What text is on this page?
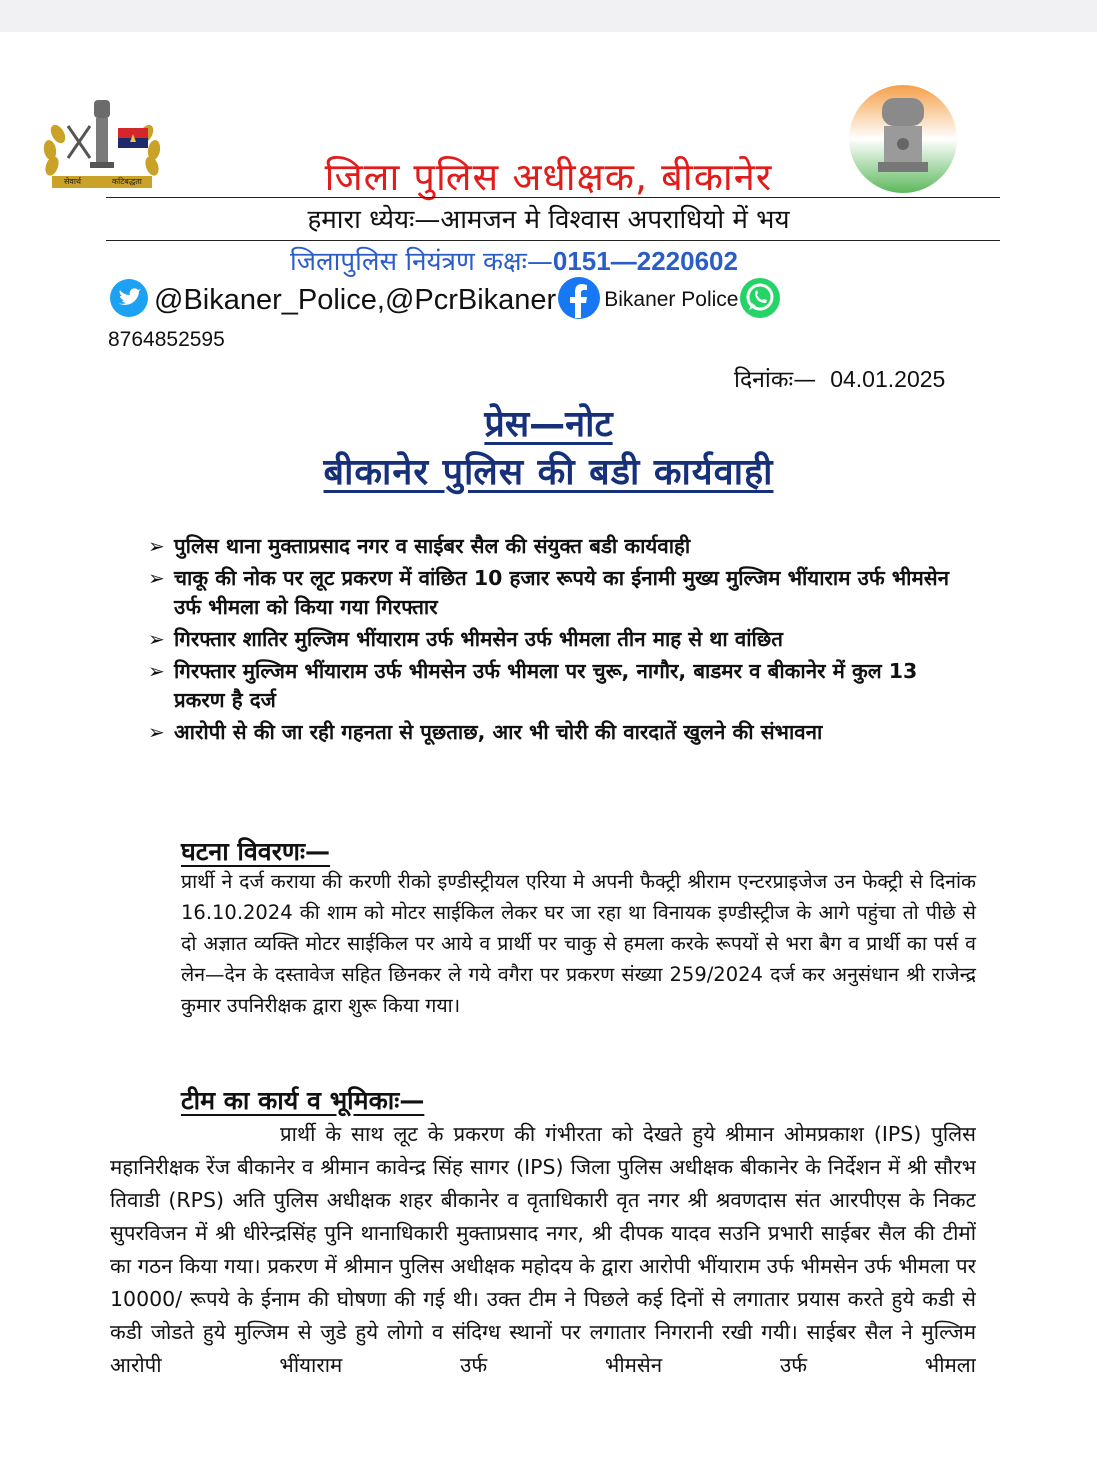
सेवार्थ	कटिबद्धता	जिला पुलिस अधीक्षक, बीकानेर
हमारा ध्येयः—आमजन मे विश्वास अपराधियो में भय
जिलापुलिस नियंत्रण कक्षः—0151—2220602
@Bikaner_Police,@PcrBikaner Bikaner Police
8764852595
दिनांकः— 04.01.2025
प्रेस—नोट
बीकानेर पुलिस की बडी कार्यवाही
➢ पुलिस थाना मुक्ताप्रसाद नगर व साईबर सैल की संयुक्त बडी कार्यवाही
➢ चाकू की नोक पर लूट प्रकरण में वांछित 10 हजार रूपये का ईनामी मुख्य मुल्जिम भींयाराम उर्फ भीमसेन उर्फ भीमला को किया गया गिरफ्तार
➢ गिरफ्तार शातिर मुल्जिम भींयाराम उर्फ भीमसेन उर्फ भीमला तीन माह से था वांछित
➢ गिरफ्तार मुल्जिम भींयाराम उर्फ भीमसेन उर्फ भीमला पर चुरू, नागौर, बाडमर व बीकानेर में कुल 13 प्रकरण है दर्ज
➢ आरोपी से की जा रही गहनता से पूछताछ, आर भी चोरी की वारदातें खुलने की संभावना
घटना विवरणः—
प्रार्थी ने दर्ज कराया की करणी रीको इण्डीस्ट्रीयल एरिया मे अपनी फैक्ट्री श्रीराम एन्टरप्राइजेज उन फेक्ट्री से दिनांक 16.10.2024 की शाम को मोटर साईकिल लेकर घर जा रहा था विनायक इण्डीस्ट्रीज के आगे पहुंचा तो पीछे से दो अज्ञात व्यक्ति मोटर साईकिल पर आये व प्रार्थी पर चाकु से हमला करके रूपयों से भरा बैग व प्रार्थी का पर्स व लेन—देन के दस्तावेज सहित छिनकर ले गये वगैरा पर प्रकरण संख्या 259/2024 दर्ज कर अनुसंधान श्री राजेन्द्र कुमार उपनिरीक्षक द्वारा शुरू किया गया।
टीम का कार्य व भूमिकाः—
प्रार्थी के साथ लूट के प्रकरण की गंभीरता को देखते हुये श्रीमान ओमप्रकाश (IPS) पुलिस महानिरीक्षक रेंज बीकानेर व श्रीमान कावेन्द्र सिंह सागर (IPS) जिला पुलिस अधीक्षक बीकानेर के निर्देशन में श्री सौरभ तिवाडी (RPS) अति पुलिस अधीक्षक शहर बीकानेर व वृताधिकारी वृत नगर श्री श्रवणदास संत आरपीएस के निकट सुपरविजन में श्री धीरेन्द्रसिंह पुनि थानाधिकारी मुक्ताप्रसाद नगर, श्री दीपक यादव सउनि प्रभारी साईबर सैल की टीमों का गठन किया गया। प्रकरण में श्रीमान पुलिस अधीक्षक महोदय के द्वारा आरोपी भींयाराम उर्फ भीमसेन उर्फ भीमला पर 10000/ रूपये के ईनाम की घोषणा की गई थी। उक्त टीम ने पिछले कई दिनों से लगातार प्रयास करते हुये कडी से कडी जोडते हुये मुल्जिम से जुडे हुये लोगो व संदिग्ध स्थानों पर लगातार निगरानी रखी गयी। साईबर सैल ने मुल्जिम आरोपी भींयाराम उर्फ भीमसेन उर्फ भीमला
